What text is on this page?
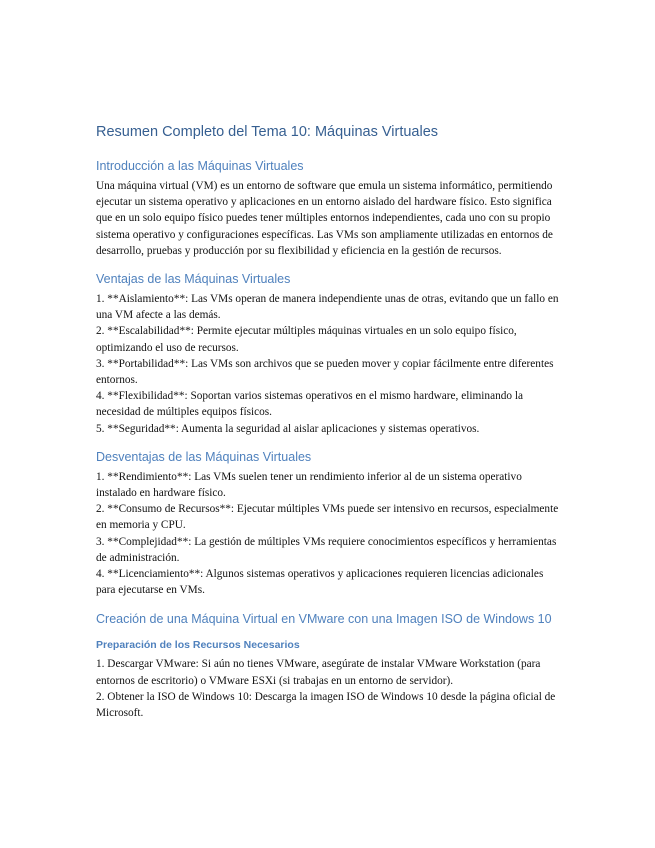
Resumen Completo del Tema 10: Máquinas Virtuales
Introducción a las Máquinas Virtuales

Una máquina virtual (VM) es un entorno de software que emula un sistema informático, permitiendo ejecutar un sistema operativo y aplicaciones en un entorno aislado del hardware físico. Esto significa que en un solo equipo físico puedes tener múltiples entornos independientes, cada uno con su propio sistema operativo y configuraciones específicas. Las VMs son ampliamente utilizadas en entornos de desarrollo, pruebas y producción por su flexibilidad y eficiencia en la gestión de recursos.

Ventajas de las Máquinas Virtuales

1. **Aislamiento**: Las VMs operan de manera independiente unas de otras, evitando que un fallo en una VM afecte a las demás.

2. **Escalabilidad**: Permite ejecutar múltiples máquinas virtuales en un solo equipo físico, optimizando el uso de recursos.

3. **Portabilidad**: Las VMs son archivos que se pueden mover y copiar fácilmente entre diferentes entornos.

4. **Flexibilidad**: Soportan varios sistemas operativos en el mismo hardware, eliminando la necesidad de múltiples equipos físicos.

5. **Seguridad**: Aumenta la seguridad al aislar aplicaciones y sistemas operativos.

Desventajas de las Máquinas Virtuales

1. **Rendimiento**: Las VMs suelen tener un rendimiento inferior al de un sistema operativo instalado en hardware físico.

2. **Consumo de Recursos**: Ejecutar múltiples VMs puede ser intensivo en recursos, especialmente en memoria y CPU.

3. **Complejidad**: La gestión de múltiples VMs requiere conocimientos específicos y herramientas de administración.

4. **Licenciamiento**: Algunos sistemas operativos y aplicaciones requieren licencias adicionales para ejecutarse en VMs.

Creación de una Máquina Virtual en VMware con una Imagen ISO de Windows 10
Preparación de los Recursos Necesarios

1. Descargar VMware: Si aún no tienes VMware, asegúrate de instalar VMware Workstation (para entornos de escritorio) o VMware ESXi (si trabajas en un entorno de servidor).

2. Obtener la ISO de Windows 10: Descarga la imagen ISO de Windows 10 desde la página oficial de Microsoft.
